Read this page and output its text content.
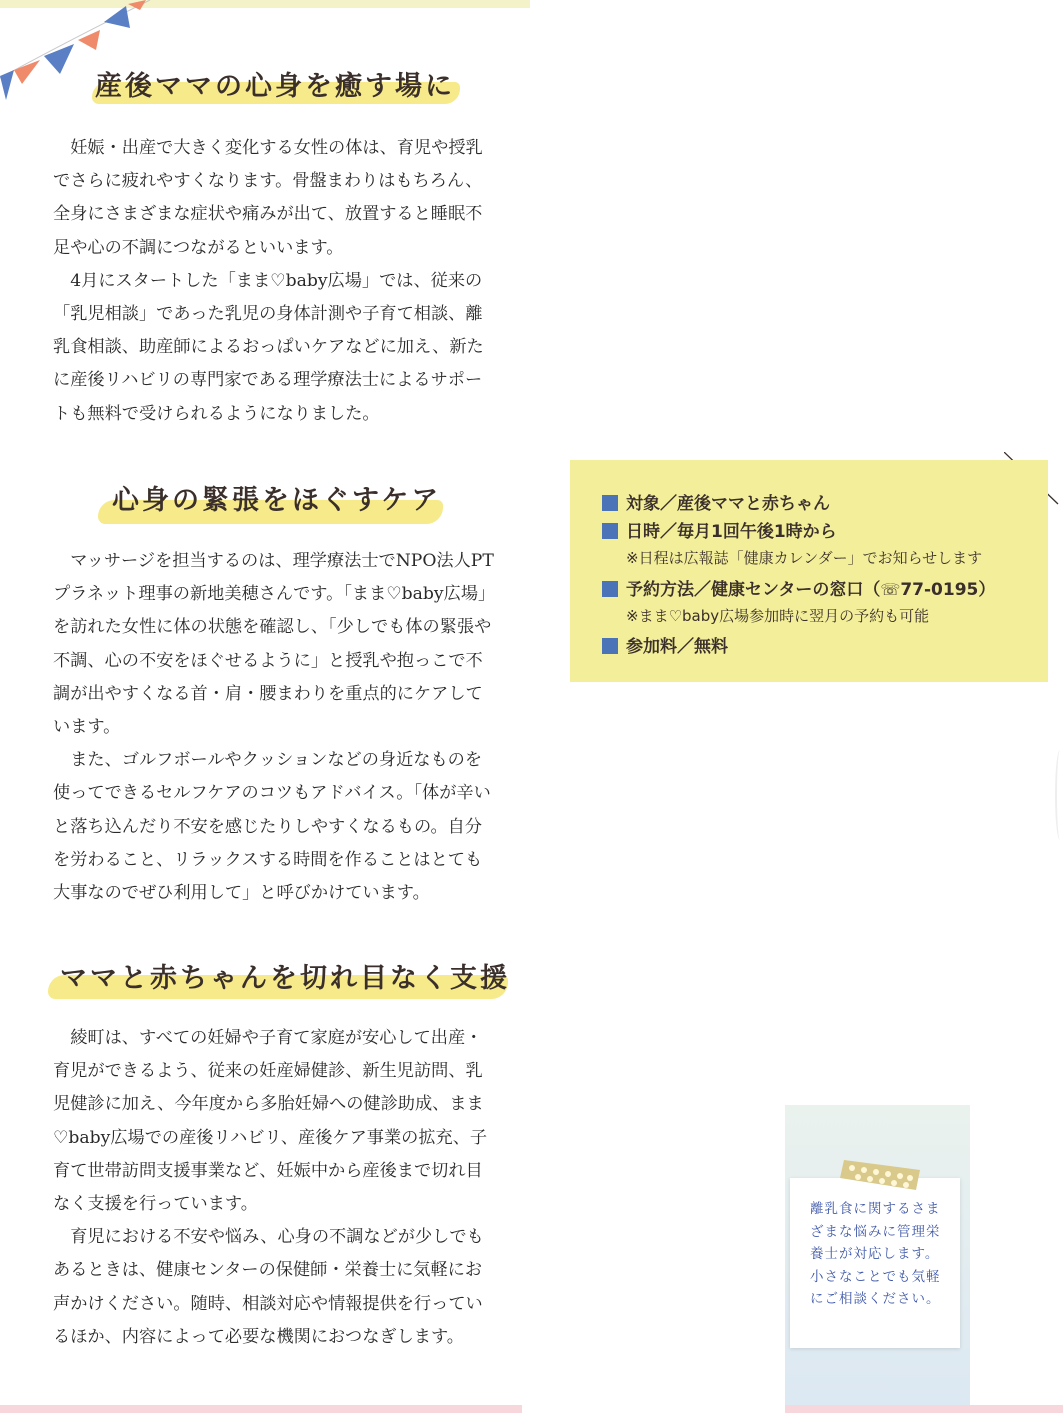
産後ママの心身を癒す場に

妊娠・出産で大きく変化する女性の体は、育児や授乳でさらに疲れやすくなります。骨盤まわりはもちろん、全身にさまざまな症状や痛みが出て、放置すると睡眠不足や心の不調につながるといいます。

4月にスタートした「まま♡baby広場」では、従来の「乳児相談」であった乳児の身体計測や子育て相談、離乳食相談、助産師によるおっぱいケアなどに加え、新たに産後リハビリの専門家である理学療法士によるサポートも無料で受けられるようになりました。

心身の緊張をほぐすケア

マッサージを担当するのは、理学療法士でNPO法人PTプラネット理事の新地美穂さんです。「まま♡baby広場」を訪れた女性に体の状態を確認し、「少しでも体の緊張や不調、心の不安をほぐせるように」と授乳や抱っこで不調が出やすくなる首・肩・腰まわりを重点的にケアしています。

また、ゴルフボールやクッションなどの身近なものを使ってできるセルフケアのコツもアドバイス。「体が辛いと落ち込んだり不安を感じたりしやすくなるもの。自分を労わること、リラックスする時間を作ることはとても大事なのでぜひ利用して」と呼びかけています。

ママと赤ちゃんを切れ目なく支援

綾町は、すべての妊婦や子育て家庭が安心して出産・育児ができるよう、従来の妊産婦健診、新生児訪問、乳児健診に加え、今年度から多胎妊婦への健診助成、まま♡baby広場での産後リハビリ、産後ケア事業の拡充、子育て世帯訪問支援事業など、妊娠中から産後まで切れ目なく支援を行っています。

育児における不安や悩み、心身の不調などが少しでもあるときは、健康センターの保健師・栄養士に気軽にお声かけください。随時、相談対応や情報提供を行っているほか、内容によって必要な機関におつなぎします。

対象／産後ママと赤ちゃん
日時／毎月1回午後1時から
※日程は広報誌「健康カレンダー」でお知らせします
予約方法／健康センターの窓口（☏77-0195）
※まま♡baby広場参加時に翌月の予約も可能
参加料／無料
離乳食に関するさまざまな悩みに管理栄養士が対応します。小さなことでも気軽にご相談ください。
